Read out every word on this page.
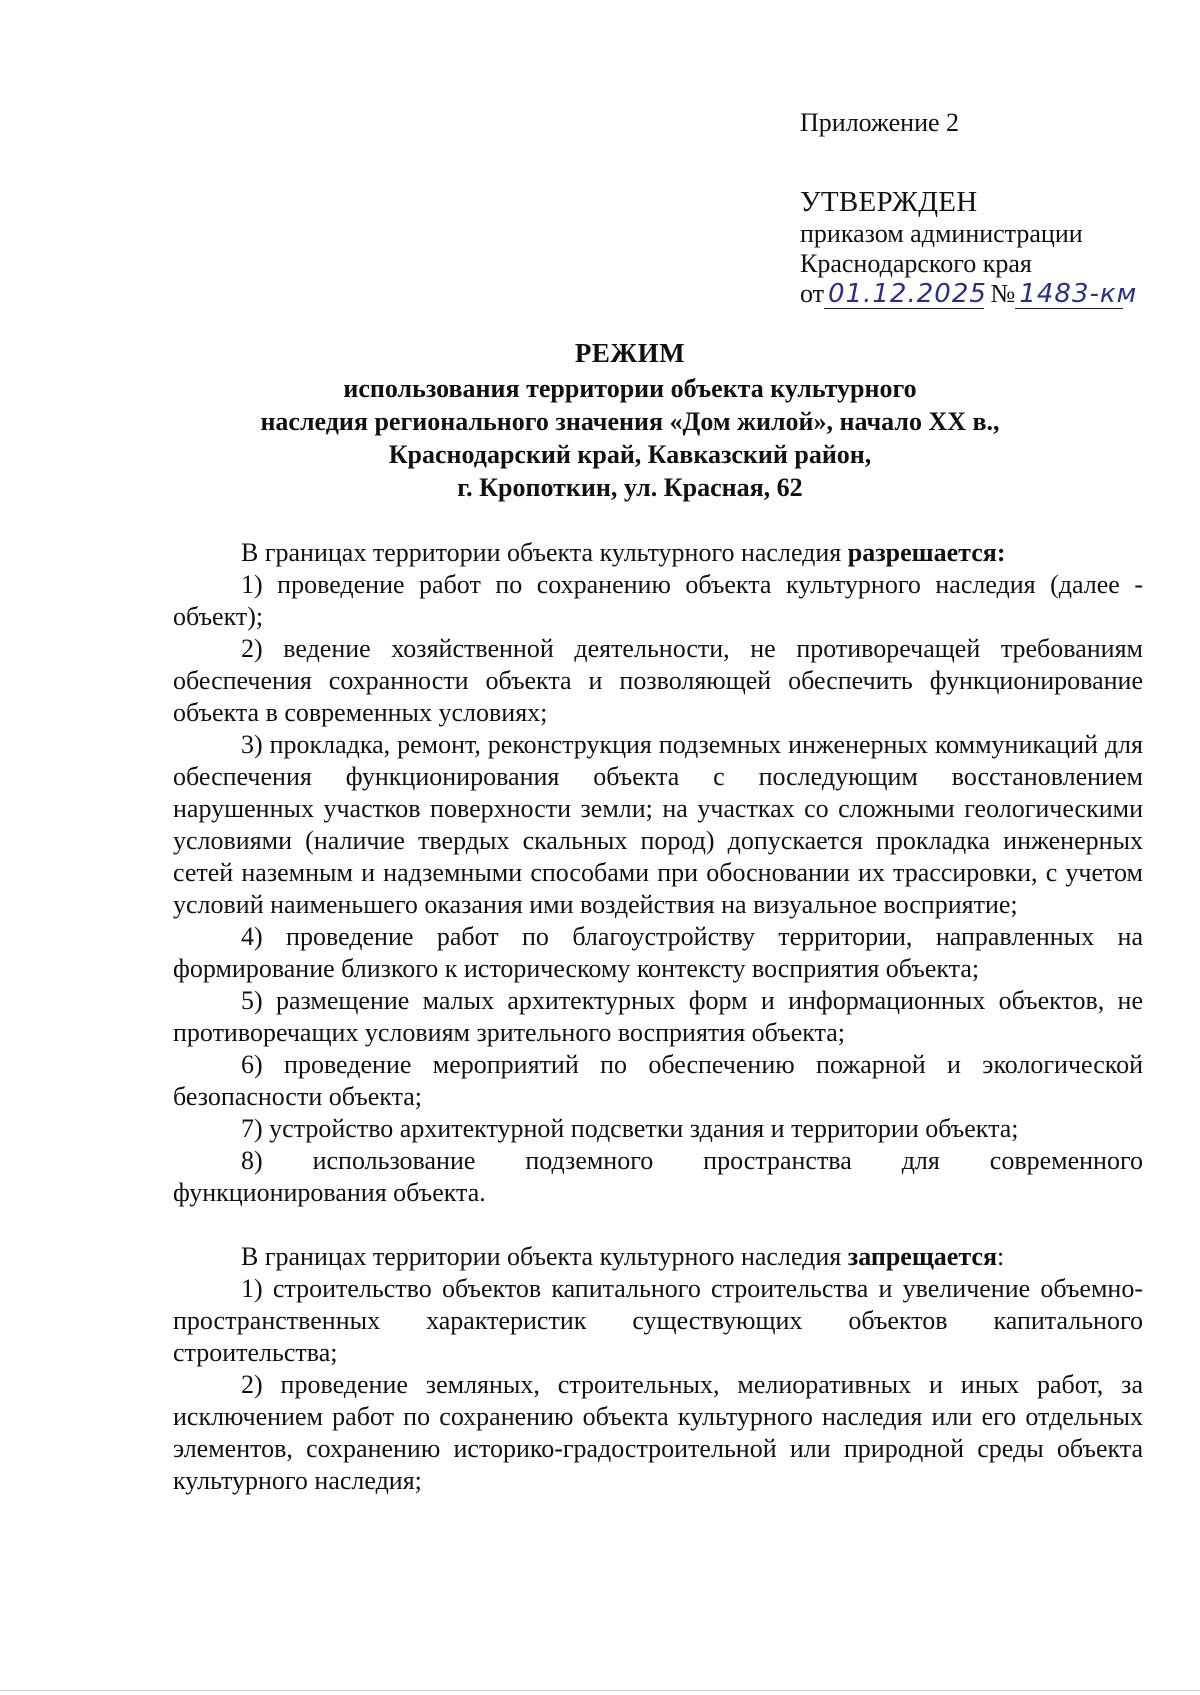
Приложение 2
УТВЕРЖДЕН
приказом администрации
Краснодарского края
от 01.12.2025 № 1483-км
РЕЖИМ
использования территории объекта культурного
наследия регионального значения «Дом жилой», начало XX в.,
Краснодарский край, Кавказский район,
г. Кропоткин, ул. Красная, 62

В границах территории объекта культурного наследия разрешается:

1) проведение работ по сохранению объекта культурного наследия (далее - объект);

2) ведение хозяйственной деятельности, не противоречащей требованиям обеспечения сохранности объекта и позволяющей обеспечить функционирование объекта в современных условиях;

3) прокладка, ремонт, реконструкция подземных инженерных коммуникаций для обеспечения функционирования объекта с последующим восстановлением нарушенных участков поверхности земли; на участках со сложными геологическими условиями (наличие твердых скальных пород) допускается прокладка инженерных сетей наземным и надземными способами при обосновании их трассировки, с учетом условий наименьшего оказания ими воздействия на визуальное восприятие;

4) проведение работ по благоустройству территории, направленных на формирование близкого к историческому контексту восприятия объекта;

5) размещение малых архитектурных форм и информационных объектов, не противоречащих условиям зрительного восприятия объекта;

6) проведение мероприятий по обеспечению пожарной и экологической безопасности объекта;

7) устройство архитектурной подсветки здания и территории объекта;

8) использование подземного пространства для современного функционирования объекта.

В границах территории объекта культурного наследия запрещается:

1) строительство объектов капитального строительства и увеличение объемно-пространственных характеристик существующих объектов капитального строительства;

2) проведение земляных, строительных, мелиоративных и иных работ, за исключением работ по сохранению объекта культурного наследия или его отдельных элементов, сохранению историко-градостроительной или природной среды объекта культурного наследия;
